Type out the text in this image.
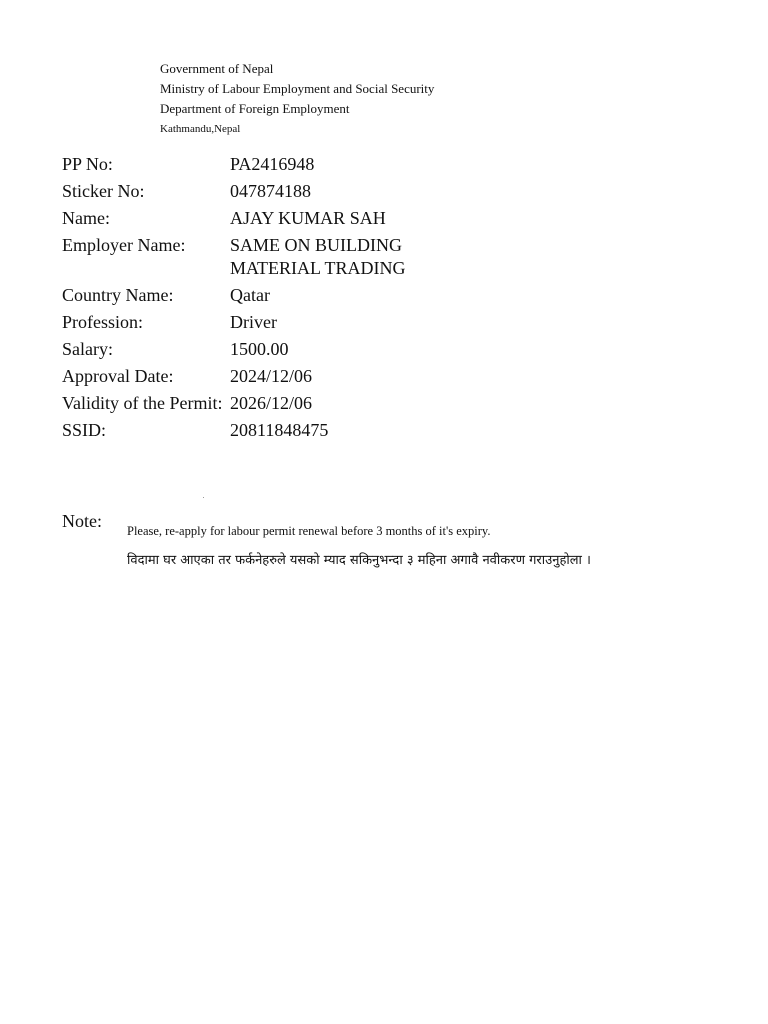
Government of Nepal
Ministry of Labour Employment and Social Security
Department of Foreign Employment
Kathmandu,Nepal
PP No:	PA2416948
Sticker No:	047874188
Name:	AJAY KUMAR SAH
Employer Name:	SAME ON BUILDING
MATERIAL TRADING
Country Name:	Qatar
Profession:	Driver
Salary:	1500.00
Approval Date:	2024/12/06
Validity of the Permit: 2026/12/06
SSID:	20811848475
Note: Please, re-apply for labour permit renewal before 3 months of it's expiry.
विदामा घर आएका तर फर्कनेहरुले यसको म्याद सकिनुभन्दा ३ महिना अगावै नवीकरण गराउनुहोला ।
